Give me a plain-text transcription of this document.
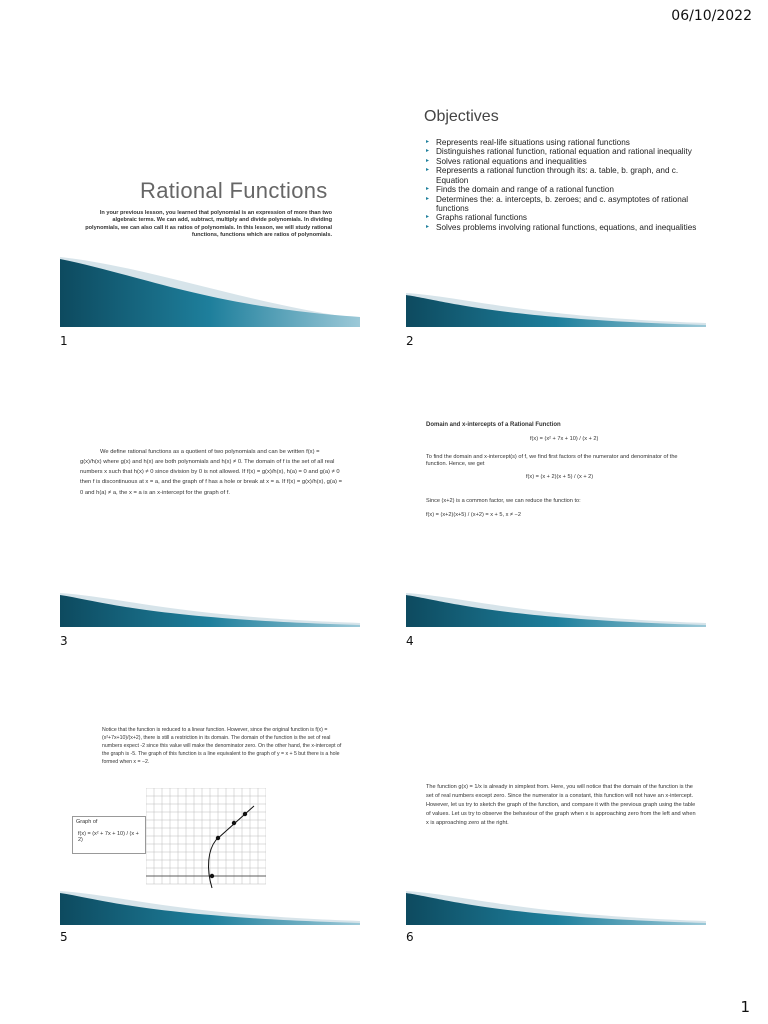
06/10/2022
Rational Functions
In your previous lesson, you learned that polynomial is an expression of more than two algebraic terms. We can add, subtract, multiply and divide polynomials. In dividing polynomials, we can also call it as ratios of polynomials. In this lesson, we will study rational functions, functions which are ratios of polynomials.
1
Objectives
▸ Represents real-life situations using rational functions
▸ Distinguishes rational function, rational equation and rational inequality
▸ Solves rational equations and inequalities
▸ Represents a rational function through its: a. table, b. graph, and c. Equation
▸ Finds the domain and range of a rational function
▸ Determines the: a. intercepts, b. zeroes; and c. asymptotes of rational functions
▸ Graphs rational functions
▸ Solves problems involving rational functions, equations, and inequalities
2
We define rational functions as a quotient of two polynomials and can be written f(x) = g(x)/h(x) where g(x) and h(x) are both polynomials and h(x) ≠ 0. The domain of f is the set of all real numbers x such that h(x) ≠ 0 since division by 0 is not allowed. If f(x) = g(x)/h(x), h(a) = 0 and g(a) ≠ 0 then f is discontinuous at x = a, and the graph of f has a hole or break at x = a. If f(x) = g(x)/h(x), g(a) = 0 and h(a) ≠ a, the x = a is an x-intercept for the graph of f.
3
Domain and x-intercepts of a Rational Function
f(x) = (x² + 7x + 10) / (x + 2)
To find the domain and x-intercept(s) of f, we find first factors of the numerator and denominator of the function. Hence, we get
f(x) = (x + 2)(x + 5) / (x + 2)
Since (x+2) is a common factor, we can reduce the function to:
f(x) = (x+2)(x+5) / (x+2) = x + 5, x ≠ −2
4
Notice that the function is reduced to a linear function. However, since the original function is f(x) = (x²+7x+10)/(x+2), there is still a restriction in its domain. The domain of the function is the set of real numbers expect -2 since this value will make the denominator zero. On the other hand, the x-intercept of the graph is -5. The graph of this function is a line equivalent to the graph of y = x + 5 but there is a hole formed when x = −2.
Graph of
f(x) = (x² + 7x + 10) / (x + 2)
5
The function g(x) = 1/x is already in simplest from. Here, you will notice that the domain of the function is the set of real numbers except zero. Since the numerator is a constant, this function will not have an x-intercept. However, let us try to sketch the graph of the function, and compare it with the previous graph using the table of values. Let us try to observe the behaviour of the graph when x is approaching zero from the left and when x is approaching zero at the right.
6
1
